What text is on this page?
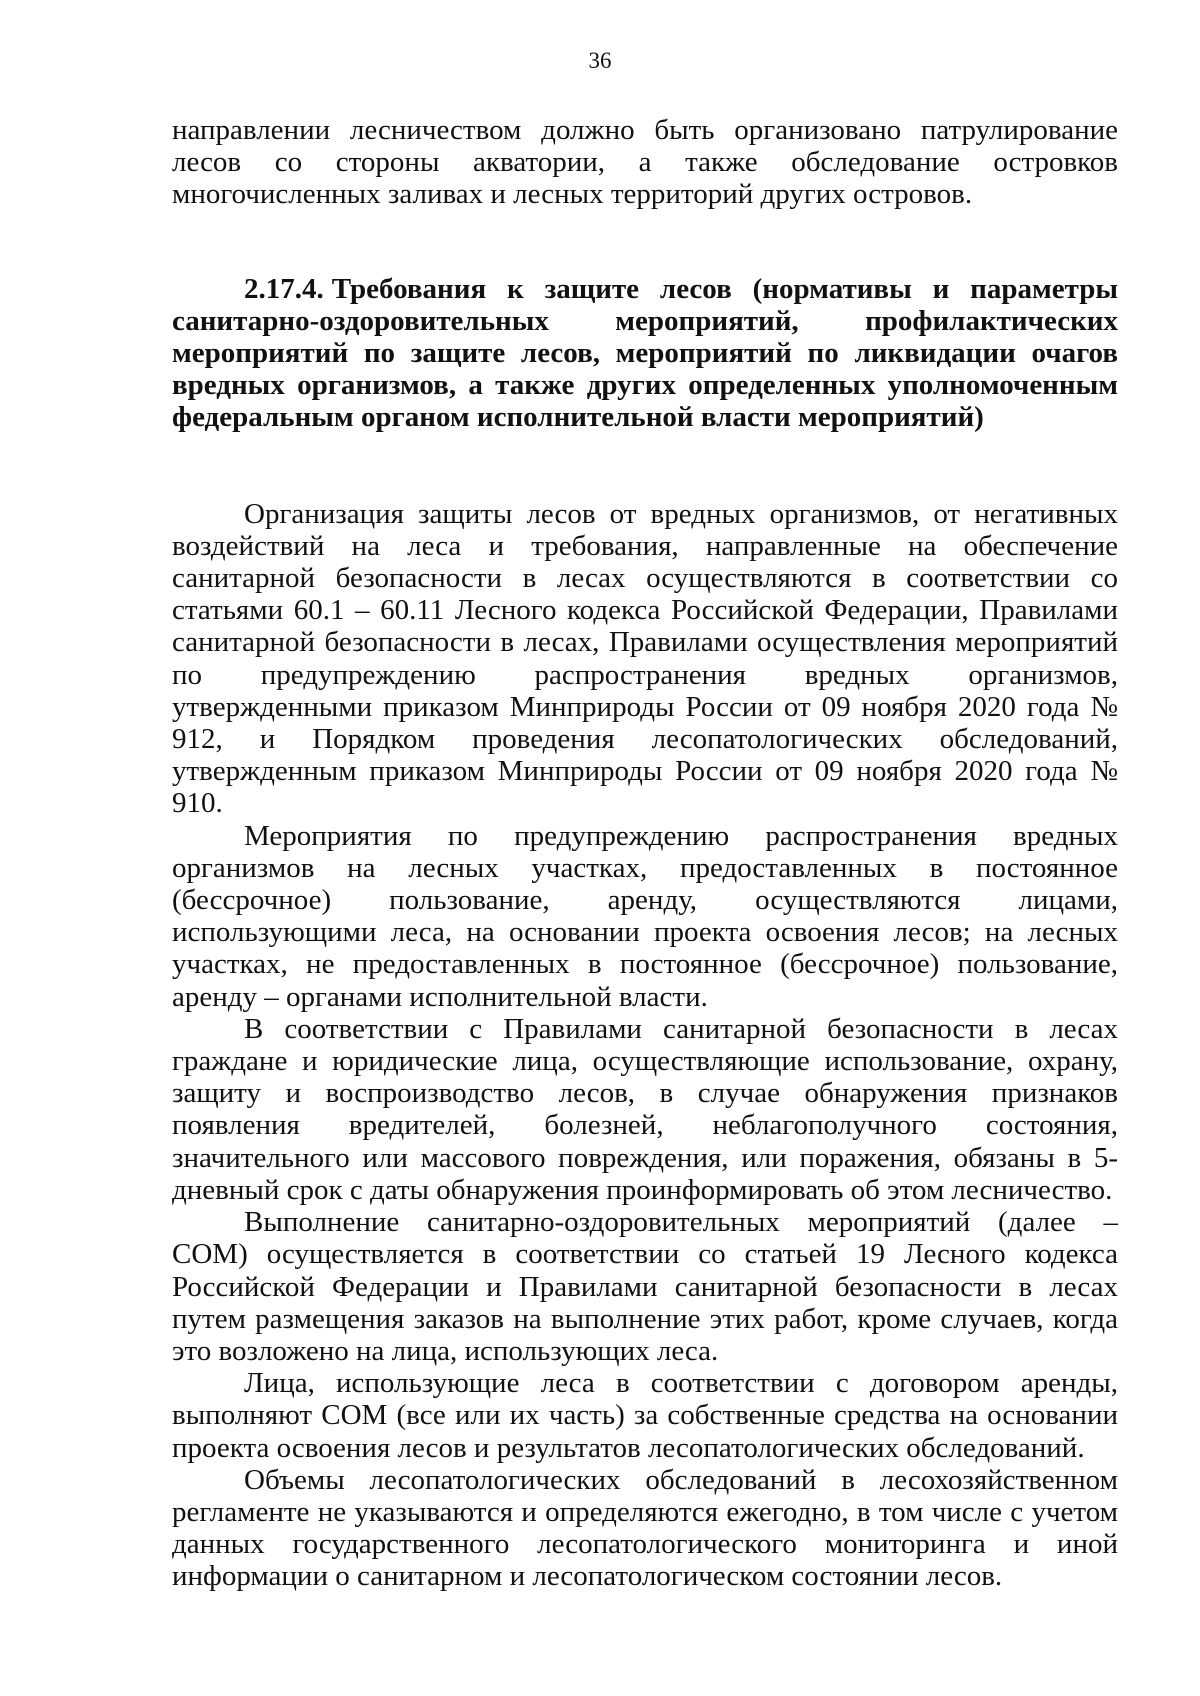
36

направлении лесничеством должно быть организовано патрулирование лесов со стороны акватории, а также обследование островков многочисленных заливах и лесных территорий других островов.

2.17.4. Требования к защите лесов (нормативы и параметры санитарно-оздоровительных мероприятий, профилактических мероприятий по защите лесов, мероприятий по ликвидации очагов вредных организмов, а также других определенных уполномоченным федеральным органом исполнительной власти мероприятий)

Организация защиты лесов от вредных организмов, от негативных воздействий на леса и требования, направленные на обеспечение санитарной безопасности в лесах осуществляются в соответствии со статьями 60.1 – 60.11 Лесного кодекса Российской Федерации, Правилами санитарной безопасности в лесах, Правилами осуществления мероприятий по предупреждению распространения вредных организмов, утвержденными приказом Минприроды России от 09 ноября 2020 года № 912, и Порядком проведения лесопатологических обследований, утвержденным приказом Минприроды России от 09 ноября 2020 года № 910.

Мероприятия по предупреждению распространения вредных организмов на лесных участках, предоставленных в постоянное (бессрочное) пользование, аренду, осуществляются лицами, использующими леса, на основании проекта освоения лесов; на лесных участках, не предоставленных в постоянное (бессрочное) пользование, аренду – органами исполнительной власти.

В соответствии с Правилами санитарной безопасности в лесах граждане и юридические лица, осуществляющие использование, охрану, защиту и воспроизводство лесов, в случае обнаружения признаков появления вредителей, болезней, неблагополучного состояния, значительного или массового повреждения, или поражения, обязаны в 5-дневный срок с даты обнаружения проинформировать об этом лесничество.

Выполнение санитарно-оздоровительных мероприятий (далее – СОМ) осуществляется в соответствии со статьей 19 Лесного кодекса Российской Федерации и Правилами санитарной безопасности в лесах путем размещения заказов на выполнение этих работ, кроме случаев, когда это возложено на лица, использующих леса.

Лица, использующие леса в соответствии с договором аренды, выполняют СОМ (все или их часть) за собственные средства на основании проекта освоения лесов и результатов лесопатологических обследований.

Объемы лесопатологических обследований в лесохозяйственном регламенте не указываются и определяются ежегодно, в том числе с учетом данных государственного лесопатологического мониторинга и иной информации о санитарном и лесопатологическом состоянии лесов.
